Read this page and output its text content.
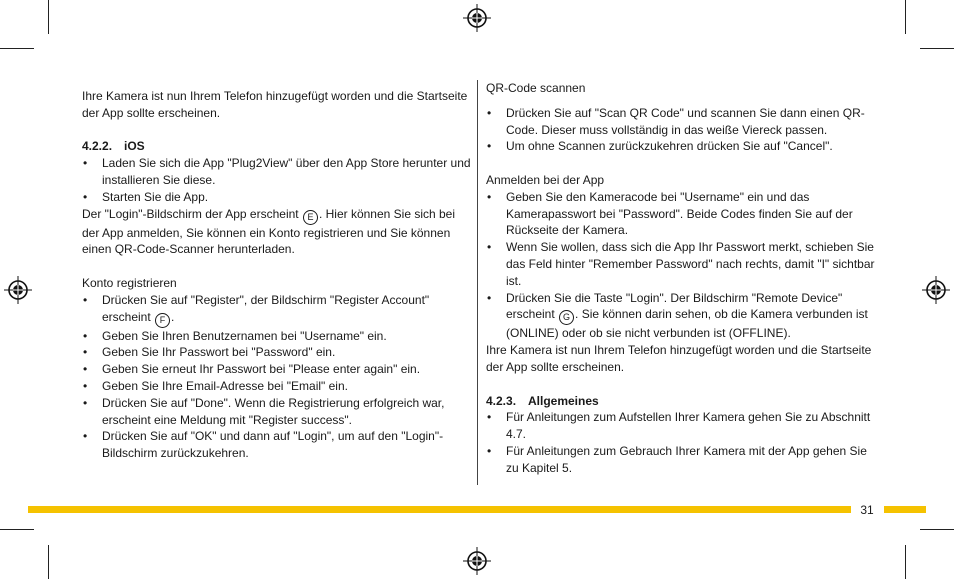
Ihre Kamera ist nun Ihrem Telefon hinzugefügt worden und die Startseite der App sollte erscheinen.

4.2.2. iOS
• Laden Sie sich die App "Plug2View" über den App Store herunter und installieren Sie diese.
• Starten Sie die App.

Der "Login"-Bildschirm der App erscheint E . Hier können Sie sich bei der App anmelden, Sie können ein Konto registrieren und Sie können einen QR-Code-Scanner herunterladen.

Konto registrieren

• Drücken Sie auf "Register", der Bildschirm "Register Account" erscheint F .
• Geben Sie Ihren Benutzernamen bei "Username" ein.
• Geben Sie Ihr Passwort bei "Password" ein.
• Geben Sie erneut Ihr Passwort bei "Please enter again" ein.
• Geben Sie Ihre Email-Adresse bei "Email" ein.
• Drücken Sie auf "Done". Wenn die Registrierung erfolgreich war, erscheint eine Meldung mit "Register success".
• Drücken Sie auf "OK" und dann auf "Login", um auf den "Login"-Bildschirm zurückzukehren.

QR-Code scannen

• Drücken Sie auf "Scan QR Code" und scannen Sie dann einen QR-Code. Dieser muss vollständig in das weiße Viereck passen.
• Um ohne Scannen zurückzukehren drücken Sie auf "Cancel".

Anmelden bei der App

• Geben Sie den Kameracode bei "Username" ein und das Kamerapasswort bei "Password". Beide Codes finden Sie auf der Rückseite der Kamera.
• Wenn Sie wollen, dass sich die App Ihr Passwort merkt, schieben Sie das Feld hinter "Remember Password" nach rechts, damit "I" sichtbar ist.
• Drücken Sie die Taste "Login". Der Bildschirm "Remote Device" erscheint G . Sie können darin sehen, ob die Kamera verbunden ist (ONLINE) oder ob sie nicht verbunden ist (OFFLINE).

Ihre Kamera ist nun Ihrem Telefon hinzugefügt worden und die Startseite der App sollte erscheinen.

4.2.3. Allgemeines
• Für Anleitungen zum Aufstellen Ihrer Kamera gehen Sie zu Abschnitt 4.7.
• Für Anleitungen zum Gebrauch Ihrer Kamera mit der App gehen Sie zu Kapitel 5.
31
